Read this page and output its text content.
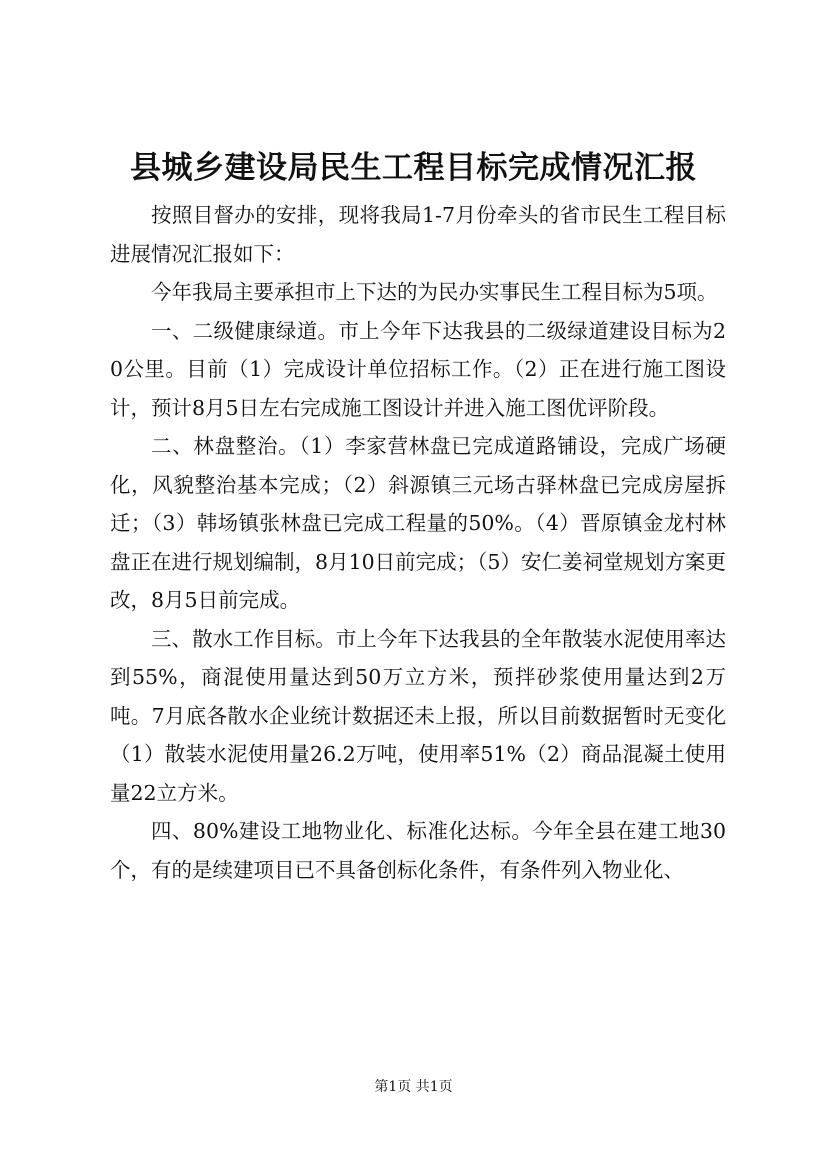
县城乡建设局民生工程目标完成情况汇报

按照目督办的安排，现将我局1-7月份牵头的省市民生工程目标进展情况汇报如下：

今年我局主要承担市上下达的为民办实事民生工程目标为5项。

一、二级健康绿道。市上今年下达我县的二级绿道建设目标为20公里。目前（1）完成设计单位招标工作。（2）正在进行施工图设计，预计8月5日左右完成施工图设计并进入施工图优评阶段。

二、林盘整治。（1）李家营林盘已完成道路铺设，完成广场硬化，风貌整治基本完成；（2）斜源镇三元场古驿林盘已完成房屋拆迁；（3）韩场镇张林盘已完成工程量的50%。（4）晋原镇金龙村林盘正在进行规划编制，8月10日前完成；（5）安仁姜祠堂规划方案更改，8月5日前完成。

三、散水工作目标。市上今年下达我县的全年散装水泥使用率达到55%，商混使用量达到50万立方米，预拌砂浆使用量达到2万吨。7月底各散水企业统计数据还未上报，所以目前数据暂时无变化（1）散装水泥使用量26.2万吨，使用率51%（2）商品混凝土使用量22立方米。

四、80%建设工地物业化、标准化达标。今年全县在建工地30个，有的是续建项目已不具备创标化条件，有条件列入物业化、

第1页 共1页
